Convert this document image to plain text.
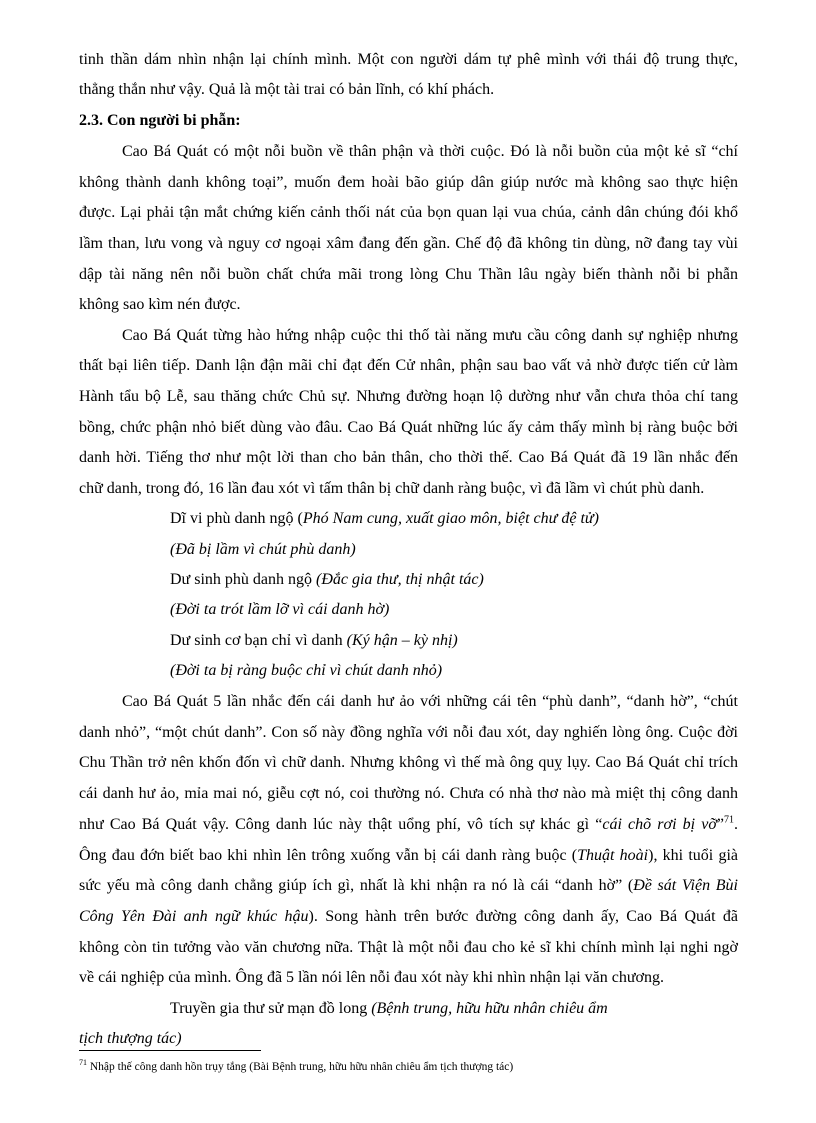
tinh thần dám nhìn nhận lại chính mình. Một con người dám tự phê mình với thái độ trung thực,
thẳng thắn như vậy. Quả là một tài trai có bản lĩnh, có khí phách.
2.3. Con người bi phẫn:
Cao Bá Quát có một nỗi buồn về thân phận và thời cuộc. Đó là nỗi buồn của một kẻ sĩ “chí
không thành danh không toại”, muốn đem hoài bão giúp dân giúp nước mà không sao thực hiện
được. Lại phải tận mắt chứng kiến cảnh thối nát của bọn quan lại vua chúa, cảnh dân chúng đói khổ
lầm than, lưu vong và nguy cơ ngoại xâm đang đến gần. Chế độ đã không tin dùng, nỡ đang tay vùi
dập tài năng nên nỗi buồn chất chứa mãi trong lòng Chu Thần lâu ngày biến thành nỗi bi phẫn
không sao kìm nén được.
Cao Bá Quát từng hào hứng nhập cuộc thi thố tài năng mưu cầu công danh sự nghiệp nhưng
thất bại liên tiếp. Danh lận đận mãi chỉ đạt đến Cử nhân, phận sau bao vất vả nhờ được tiến cử làm
Hành tẩu bộ Lễ, sau thăng chức Chủ sự. Nhưng đường hoạn lộ dường như vẫn chưa thỏa chí tang
bồng, chức phận nhỏ biết dùng vào đâu. Cao Bá Quát những lúc ấy cảm thấy mình bị ràng buộc bởi
danh hời. Tiếng thơ như một lời than cho bản thân, cho thời thế. Cao Bá Quát đã 19 lần nhắc đến
chữ danh, trong đó, 16 lần đau xót vì tấm thân bị chữ danh ràng buộc, vì đã lầm vì chút phù danh.
Dĩ vi phù danh ngộ (Phó Nam cung, xuất giao môn, biệt chư đệ tử)
(Đã bị lầm vì chút phù danh)
Dư sinh phù danh ngộ (Đắc gia thư, thị nhật tác)
(Đời ta trót lầm lỡ vì cái danh hờ)
Dư sinh cơ bạn chỉ vì danh (Ký hận – kỳ nhị)
(Đời ta bị ràng buộc chỉ vì chút danh nhỏ)
Cao Bá Quát 5 lần nhắc đến cái danh hư ảo với những cái tên “phù danh”, “danh hờ”, “chút
danh nhỏ”, “một chút danh”. Con số này đồng nghĩa với nỗi đau xót, day nghiến lòng ông. Cuộc đời
Chu Thần trở nên khốn đốn vì chữ danh. Nhưng không vì thế mà ông quỵ lụy. Cao Bá Quát chỉ trích
cái danh hư ảo, mỉa mai nó, giễu cợt nó, coi thường nó. Chưa có nhà thơ nào mà miệt thị công danh
như Cao Bá Quát vậy. Công danh lúc này thật uổng phí, vô tích sự khác gì “cái chõ rơi bị vỡ”$^{71}$.
Ông đau đớn biết bao khi nhìn lên trông xuống vẫn bị cái danh ràng buộc (Thuật hoài), khi tuổi già
sức yếu mà công danh chẳng giúp ích gì, nhất là khi nhận ra nó là cái “danh hờ” (Đề sát Viện Bùi
Công Yên Đài anh ngữ khúc hậu). Song hành trên bước đường công danh ấy, Cao Bá Quát đã
không còn tin tưởng vào văn chương nữa. Thật là một nỗi đau cho kẻ sĩ khi chính mình lại nghi ngờ
về cái nghiệp của mình. Ông đã 5 lần nói lên nỗi đau xót này khi nhìn nhận lại văn chương.
Truyền gia thư sử mạn đồ long (Bệnh trung, hữu hữu nhân chiêu ẩm
tịch thượng tác)
$^{71}$ Nhập thế công danh hồn trụy tắng (Bài Bệnh trung, hữu hữu nhân chiêu ẩm tịch thượng tác)
